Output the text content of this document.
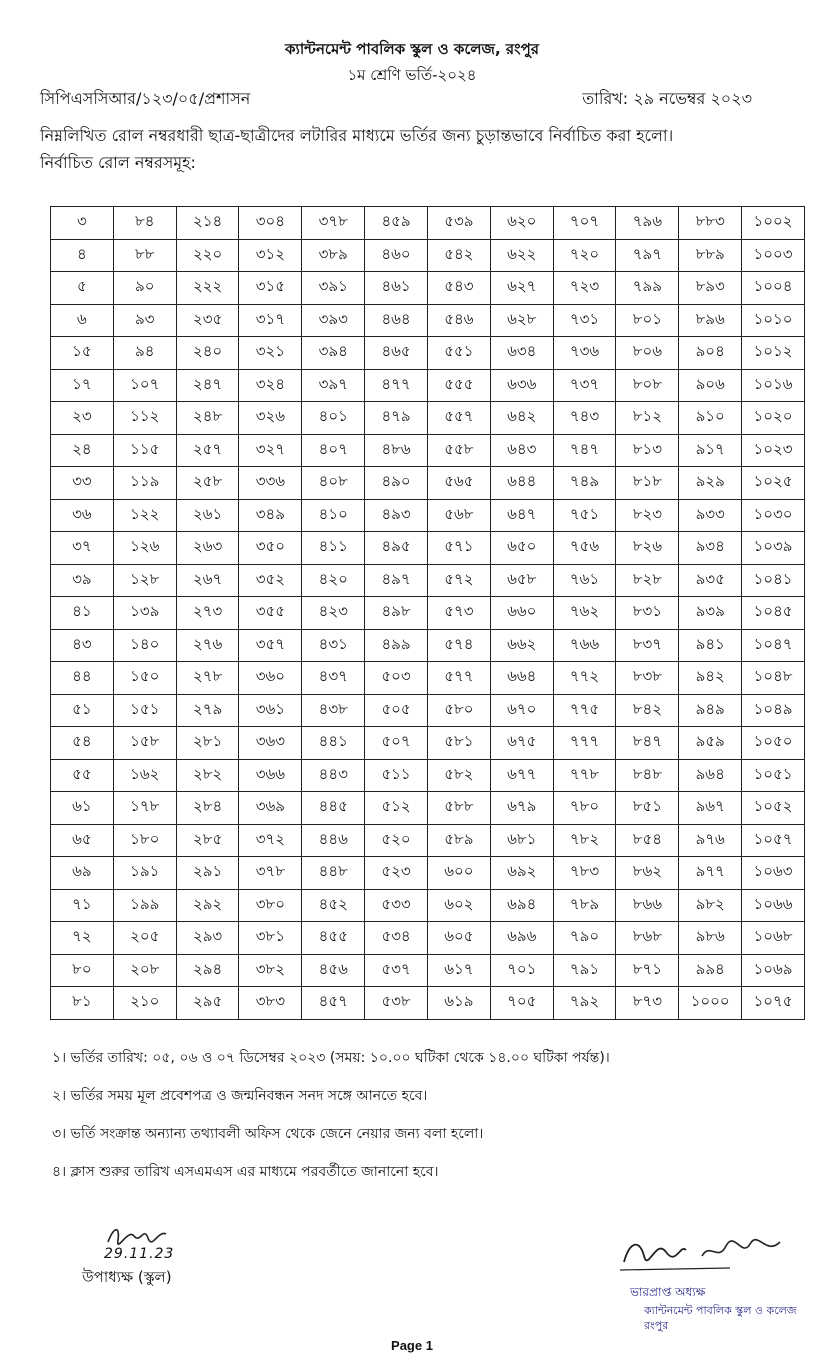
ক্যান্টনমেন্ট পাবলিক স্কুল ও কলেজ, রংপুর
১ম শ্রেণি ভর্তি-২০২৪
সিপিএসসিআর/১২৩/০৫/প্রশাসন	তারিখ: ২৯ নভেম্বর ২০২৩
নিম্নলিখিত রোল নম্বরধারী ছাত্র-ছাত্রীদের লটারির মাধ্যমে ভর্তির জন্য চুড়ান্তভাবে নির্বাচিত করা হলো।
নির্বাচিত রোল নম্বরসমূহ:
৩	৮৪	২১৪	৩০৪	৩৭৮	৪৫৯	৫৩৯	৬২০	৭০৭	৭৯৬	৮৮৩	১০০২
৪	৮৮	২২০	৩১২	৩৮৯	৪৬০	৫৪২	৬২২	৭২০	৭৯৭	৮৮৯	১০০৩
৫	৯০	২২২	৩১৫	৩৯১	৪৬১	৫৪৩	৬২৭	৭২৩	৭৯৯	৮৯৩	১০০৪
৬	৯৩	২৩৫	৩১৭	৩৯৩	৪৬৪	৫৪৬	৬২৮	৭৩১	৮০১	৮৯৬	১০১০
১৫	৯৪	২৪০	৩২১	৩৯৪	৪৬৫	৫৫১	৬৩৪	৭৩৬	৮০৬	৯০৪	১০১২
১৭	১০৭	২৪৭	৩২৪	৩৯৭	৪৭৭	৫৫৫	৬৩৬	৭৩৭	৮০৮	৯০৬	১০১৬
২৩	১১২	২৪৮	৩২৬	৪০১	৪৭৯	৫৫৭	৬৪২	৭৪৩	৮১২	৯১০	১০২০
২৪	১১৫	২৫৭	৩২৭	৪০৭	৪৮৬	৫৫৮	৬৪৩	৭৪৭	৮১৩	৯১৭	১০২৩
৩৩	১১৯	২৫৮	৩৩৬	৪০৮	৪৯০	৫৬৫	৬৪৪	৭৪৯	৮১৮	৯২৯	১০২৫
৩৬	১২২	২৬১	৩৪৯	৪১০	৪৯৩	৫৬৮	৬৪৭	৭৫১	৮২৩	৯৩৩	১০৩০
৩৭	১২৬	২৬৩	৩৫০	৪১১	৪৯৫	৫৭১	৬৫০	৭৫৬	৮২৬	৯৩৪	১০৩৯
৩৯	১২৮	২৬৭	৩৫২	৪২০	৪৯৭	৫৭২	৬৫৮	৭৬১	৮২৮	৯৩৫	১০৪১
৪১	১৩৯	২৭৩	৩৫৫	৪২৩	৪৯৮	৫৭৩	৬৬০	৭৬২	৮৩১	৯৩৯	১০৪৫
৪৩	১৪০	২৭৬	৩৫৭	৪৩১	৪৯৯	৫৭৪	৬৬২	৭৬৬	৮৩৭	৯৪১	১০৪৭
৪৪	১৫০	২৭৮	৩৬০	৪৩৭	৫০৩	৫৭৭	৬৬৪	৭৭২	৮৩৮	৯৪২	১০৪৮
৫১	১৫১	২৭৯	৩৬১	৪৩৮	৫০৫	৫৮০	৬৭০	৭৭৫	৮৪২	৯৪৯	১০৪৯
৫৪	১৫৮	২৮১	৩৬৩	৪৪১	৫০৭	৫৮১	৬৭৫	৭৭৭	৮৪৭	৯৫৯	১০৫০
৫৫	১৬২	২৮২	৩৬৬	৪৪৩	৫১১	৫৮২	৬৭৭	৭৭৮	৮৪৮	৯৬৪	১০৫১
৬১	১৭৮	২৮৪	৩৬৯	৪৪৫	৫১২	৫৮৮	৬৭৯	৭৮০	৮৫১	৯৬৭	১০৫২
৬৫	১৮০	২৮৫	৩৭২	৪৪৬	৫২০	৫৮৯	৬৮১	৭৮২	৮৫৪	৯৭৬	১০৫৭
৬৯	১৯১	২৯১	৩৭৮	৪৪৮	৫২৩	৬০০	৬৯২	৭৮৩	৮৬২	৯৭৭	১০৬৩
৭১	১৯৯	২৯২	৩৮০	৪৫২	৫৩৩	৬০২	৬৯৪	৭৮৯	৮৬৬	৯৮২	১০৬৬
৭২	২০৫	২৯৩	৩৮১	৪৫৫	৫৩৪	৬০৫	৬৯৬	৭৯০	৮৬৮	৯৮৬	১০৬৮
৮০	২০৮	২৯৪	৩৮২	৪৫৬	৫৩৭	৬১৭	৭০১	৭৯১	৮৭১	৯৯৪	১০৬৯
৮১	২১০	২৯৫	৩৮৩	৪৫৭	৫৩৮	৬১৯	৭০৫	৭৯২	৮৭৩	১০০০	১০৭৫
১। ভর্তির তারিখ: ০৫, ০৬ ও ০৭ ডিসেম্বর ২০২৩ (সময়: ১০.০০ ঘটিকা থেকে ১৪.০০ ঘটিকা পর্যন্ত)।
২। ভর্তির সময় মূল প্রবেশপত্র ও জন্মনিবন্ধন সনদ সঙ্গে আনতে হবে।
৩। ভর্তি সংক্রান্ত অন্যান্য তথ্যাবলী অফিস থেকে জেনে নেয়ার জন্য বলা হলো।
৪। ক্লাস শুরুর তারিখ এসএমএস এর মাধ্যমে পরবর্তীতে জানানো হবে।
29.11.23
উপাধ্যক্ষ (স্কুল)
ভারপ্রাপ্ত অধ্যক্ষ
ক্যান্টনমেন্ট পাবলিক স্কুল ও কলেজ
রংপুর
Page 1
